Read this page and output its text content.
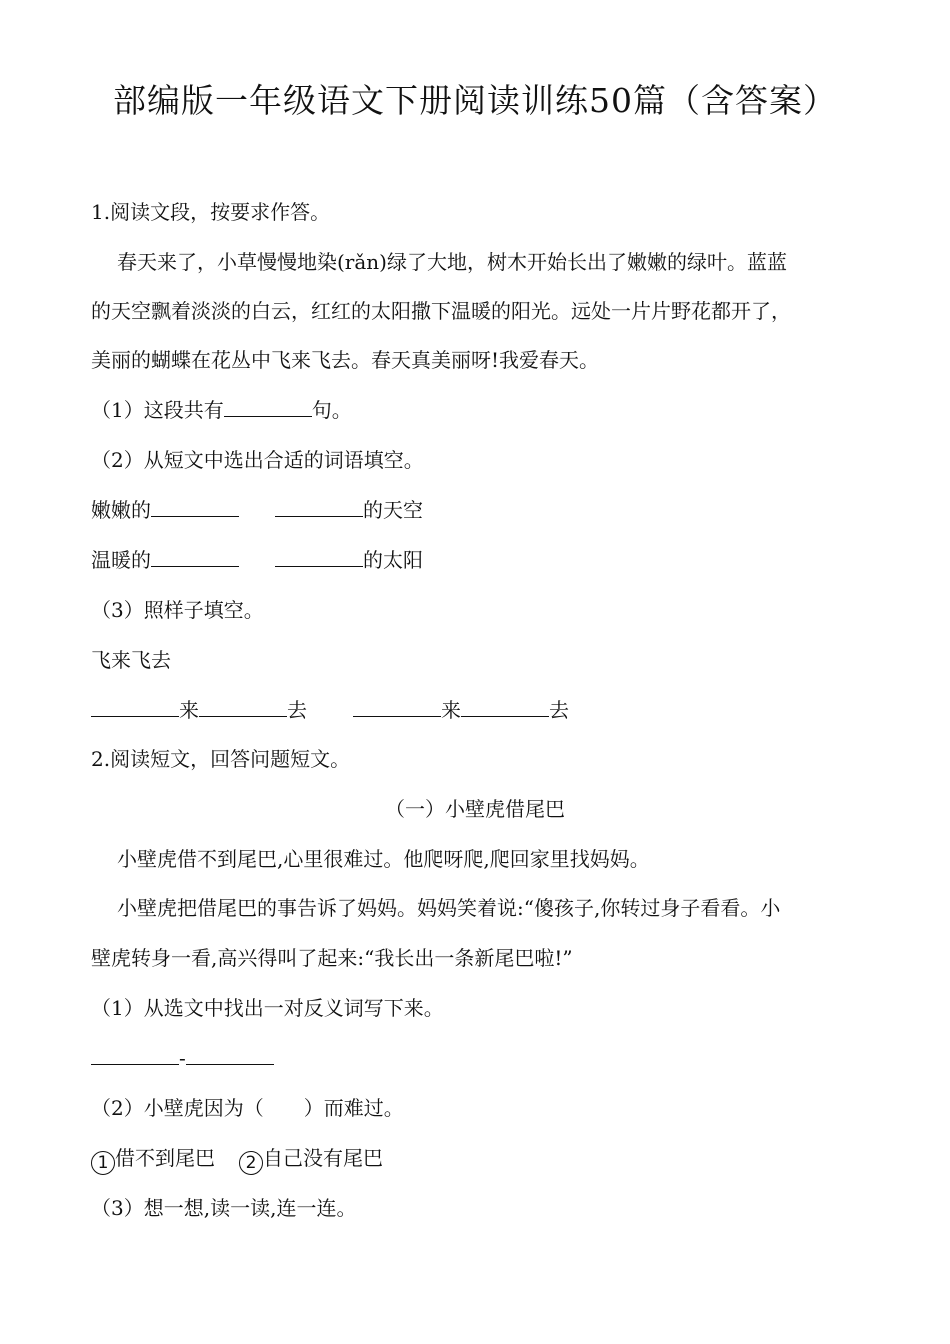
部编版一年级语文下册阅读训练50篇（含答案）
1.阅读文段，按要求作答。
春天来了，小草慢慢地染(rǎn)绿了大地，树木开始长出了嫩嫩的绿叶。蓝蓝
的天空飘着淡淡的白云，红红的太阳撒下温暖的阳光。远处一片片野花都开了，
美丽的蝴蝶在花丛中飞来飞去。春天真美丽呀!我爱春天。
（1）这段共有	句。
（2）从短文中选出合适的词语填空。
嫩嫩的	的天空
温暖的	的太阳
（3）照样子填空。
飞来飞去
来	去	来	去
2.阅读短文，回答问题短文。
（一）小壁虎借尾巴
小壁虎借不到尾巴,心里很难过。他爬呀爬,爬回家里找妈妈。
小壁虎把借尾巴的事告诉了妈妈。妈妈笑着说:“傻孩子,你转过身子看看。小
壁虎转身一看,高兴得叫了起来:“我长出一条新尾巴啦!”
（1）从选文中找出一对反义词写下来。
-
（2）小壁虎因为（　　）而难过。
1 借不到尾巴 2 自己没有尾巴
（3）想一想,读一读,连一连。
